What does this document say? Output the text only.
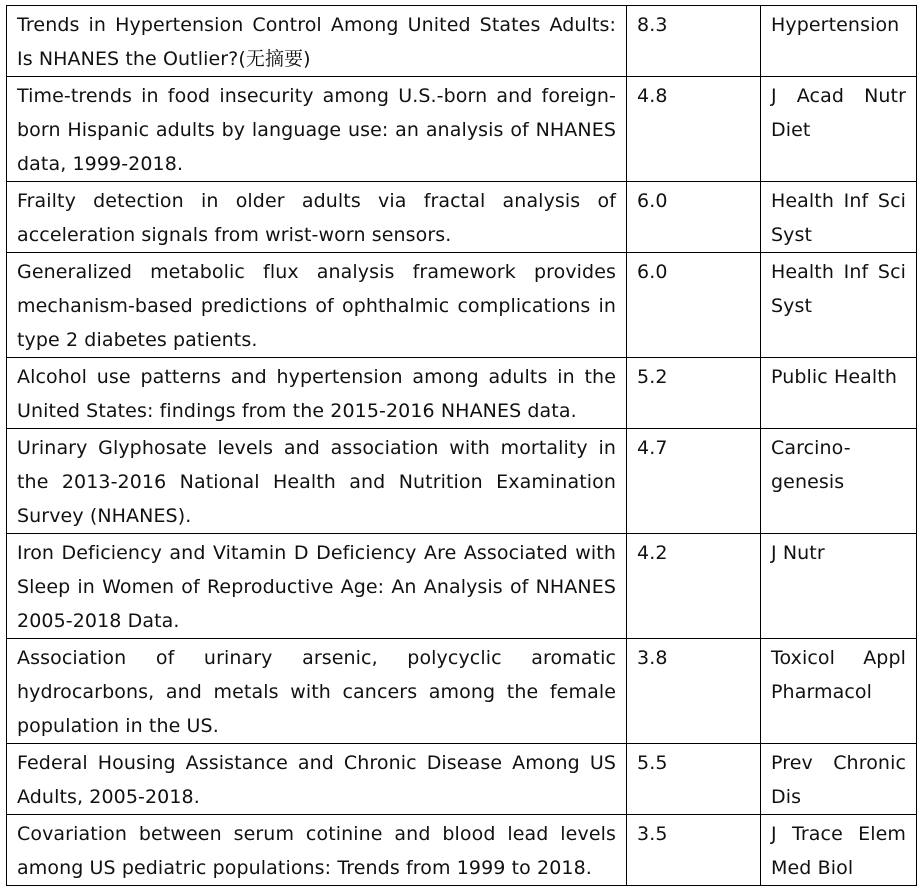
Trends in Hypertension Control Among United States Adults: Is NHANES the Outlier?(无摘要)	8.3	Hypertension
Time-trends in food insecurity among U.S.-born and foreign-born Hispanic adults by language use: an analysis of NHANES data, 1999-2018.	4.8	J Acad Nutr Diet
Frailty detection in older adults via fractal analysis of acceleration signals from wrist-worn sensors.	6.0	Health Inf Sci Syst
Generalized metabolic flux analysis framework provides mechanism-based predictions of ophthalmic complications in type 2 diabetes patients.	6.0	Health Inf Sci Syst
Alcohol use patterns and hypertension among adults in the United States: findings from the 2015-2016 NHANES data.	5.2	Public Health
Urinary Glyphosate levels and association with mortality in the 2013-2016 National Health and Nutrition Examination Survey (NHANES).	4.7	Carcino-genesis
Iron Deficiency and Vitamin D Deficiency Are Associated with Sleep in Women of Reproductive Age: An Analysis of NHANES 2005-2018 Data.	4.2	J Nutr
Association of urinary arsenic, polycyclic aromatic hydrocarbons, and metals with cancers among the female population in the US.	3.8	Toxicol Appl Pharmacol
Federal Housing Assistance and Chronic Disease Among US Adults, 2005-2018.	5.5	Prev Chronic Dis
Covariation between serum cotinine and blood lead levels among US pediatric populations: Trends from 1999 to 2018.	3.5	J Trace Elem Med Biol
